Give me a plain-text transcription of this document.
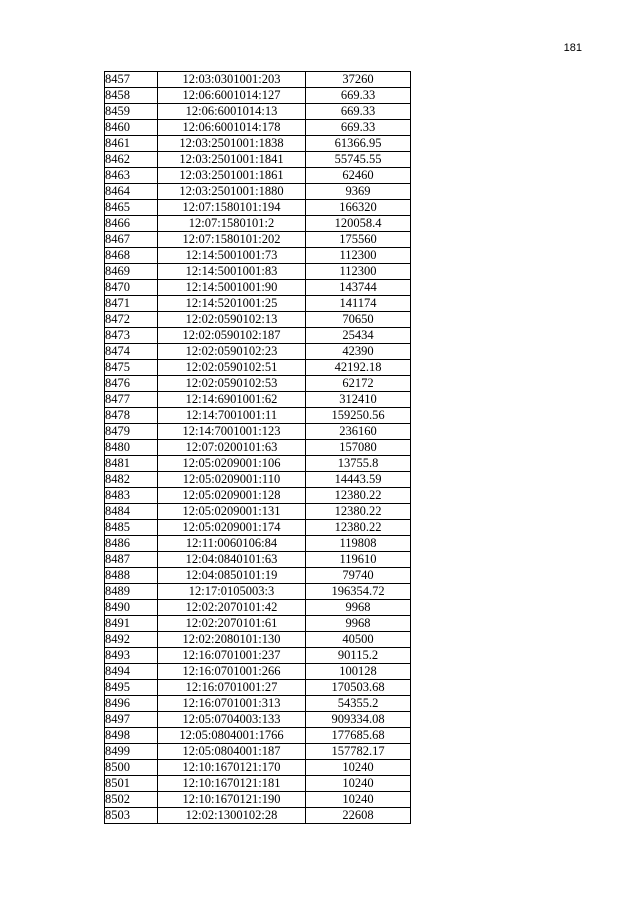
181
8457	12:03:0301001:203	37260
8458	12:06:6001014:127	669.33
8459	12:06:6001014:13	669.33
8460	12:06:6001014:178	669.33
8461	12:03:2501001:1838	61366.95
8462	12:03:2501001:1841	55745.55
8463	12:03:2501001:1861	62460
8464	12:03:2501001:1880	9369
8465	12:07:1580101:194	166320
8466	12:07:1580101:2	120058.4
8467	12:07:1580101:202	175560
8468	12:14:5001001:73	112300
8469	12:14:5001001:83	112300
8470	12:14:5001001:90	143744
8471	12:14:5201001:25	141174
8472	12:02:0590102:13	70650
8473	12:02:0590102:187	25434
8474	12:02:0590102:23	42390
8475	12:02:0590102:51	42192.18
8476	12:02:0590102:53	62172
8477	12:14:6901001:62	312410
8478	12:14:7001001:11	159250.56
8479	12:14:7001001:123	236160
8480	12:07:0200101:63	157080
8481	12:05:0209001:106	13755.8
8482	12:05:0209001:110	14443.59
8483	12:05:0209001:128	12380.22
8484	12:05:0209001:131	12380.22
8485	12:05:0209001:174	12380.22
8486	12:11:0060106:84	119808
8487	12:04:0840101:63	119610
8488	12:04:0850101:19	79740
8489	12:17:0105003:3	196354.72
8490	12:02:2070101:42	9968
8491	12:02:2070101:61	9968
8492	12:02:2080101:130	40500
8493	12:16:0701001:237	90115.2
8494	12:16:0701001:266	100128
8495	12:16:0701001:27	170503.68
8496	12:16:0701001:313	54355.2
8497	12:05:0704003:133	909334.08
8498	12:05:0804001:1766	177685.68
8499	12:05:0804001:187	157782.17
8500	12:10:1670121:170	10240
8501	12:10:1670121:181	10240
8502	12:10:1670121:190	10240
8503	12:02:1300102:28	22608
